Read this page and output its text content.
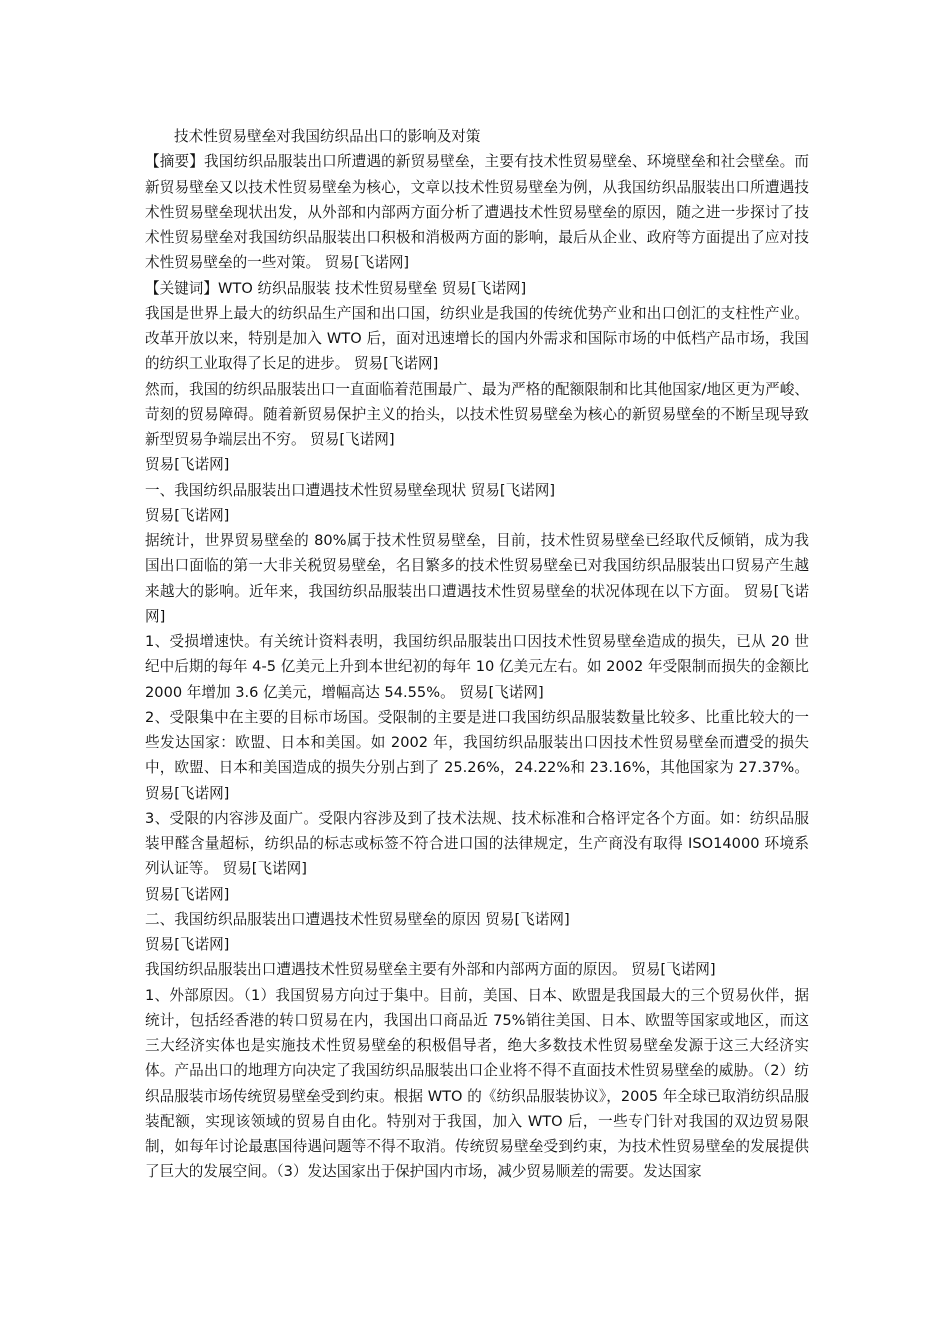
技术性贸易壁垒对我国纺织品出口的影响及对策

【摘要】我国纺织品服装出口所遭遇的新贸易壁垒，主要有技术性贸易壁垒、环境壁垒和社会壁垒。而新贸易壁垒又以技术性贸易壁垒为核心，文章以技术性贸易壁垒为例，从我国纺织品服装出口所遭遇技术性贸易壁垒现状出发，从外部和内部两方面分析了遭遇技术性贸易壁垒的原因，随之进一步探讨了技术性贸易壁垒对我国纺织品服装出口积极和消极两方面的影响，最后从企业、政府等方面提出了应对技术性贸易壁垒的一些对策。 贸易[飞诺网]

【关键词】WTO 纺织品服装 技术性贸易壁垒 贸易[飞诺网]

我国是世界上最大的纺织品生产国和出口国，纺织业是我国的传统优势产业和出口创汇的支柱性产业。改革开放以来，特别是加入 WTO 后，面对迅速增长的国内外需求和国际市场的中低档产品市场，我国的纺织工业取得了长足的进步。 贸易[飞诺网]

然而，我国的纺织品服装出口一直面临着范围最广、最为严格的配额限制和比其他国家/地区更为严峻、苛刻的贸易障碍。随着新贸易保护主义的抬头，以技术性贸易壁垒为核心的新贸易壁垒的不断呈现导致新型贸易争端层出不穷。 贸易[飞诺网]

贸易[飞诺网]

一、我国纺织品服装出口遭遇技术性贸易壁垒现状 贸易[飞诺网]

贸易[飞诺网]

据统计，世界贸易壁垒的 80%属于技术性贸易壁垒，目前，技术性贸易壁垒已经取代反倾销，成为我国出口面临的第一大非关税贸易壁垒，名目繁多的技术性贸易壁垒已对我国纺织品服装出口贸易产生越来越大的影响。近年来，我国纺织品服装出口遭遇技术性贸易壁垒的状况体现在以下方面。 贸易[飞诺网]

1、受损增速快。有关统计资料表明，我国纺织品服装出口因技术性贸易壁垒造成的损失，已从 20 世纪中后期的每年 4-5 亿美元上升到本世纪初的每年 10 亿美元左右。如 2002 年受限制而损失的金额比 2000 年增加 3.6 亿美元，增幅高达 54.55%。 贸易[飞诺网]

2、受限集中在主要的目标市场国。受限制的主要是进口我国纺织品服装数量比较多、比重比较大的一些发达国家：欧盟、日本和美国。如 2002 年，我国纺织品服装出口因技术性贸易壁垒而遭受的损失中，欧盟、日本和美国造成的损失分别占到了 25.26%，24.22%和 23.16%，其他国家为 27.37%。 贸易[飞诺网]

3、受限的内容涉及面广。受限内容涉及到了技术法规、技术标准和合格评定各个方面。如：纺织品服装甲醛含量超标，纺织品的标志或标签不符合进口国的法律规定，生产商没有取得 ISO14000 环境系列认证等。 贸易[飞诺网]

贸易[飞诺网]

二、我国纺织品服装出口遭遇技术性贸易壁垒的原因 贸易[飞诺网]

贸易[飞诺网]

我国纺织品服装出口遭遇技术性贸易壁垒主要有外部和内部两方面的原因。 贸易[飞诺网]

1、外部原因。（1）我国贸易方向过于集中。目前，美国、日本、欧盟是我国最大的三个贸易伙伴，据统计，包括经香港的转口贸易在内，我国出口商品近 75%销往美国、日本、欧盟等国家或地区，而这三大经济实体也是实施技术性贸易壁垒的积极倡导者，绝大多数技术性贸易壁垒发源于这三大经济实体。产品出口的地理方向决定了我国纺织品服装出口企业将不得不直面技术性贸易壁垒的威胁。（2）纺织品服装市场传统贸易壁垒受到约束。根据 WTO 的《纺织品服装协议》，2005 年全球已取消纺织品服装配额，实现该领域的贸易自由化。特别对于我国，加入 WTO 后，一些专门针对我国的双边贸易限制，如每年讨论最惠国待遇问题等不得不取消。传统贸易壁垒受到约束，为技术性贸易壁垒的发展提供了巨大的发展空间。（3）发达国家出于保护国内市场，减少贸易顺差的需要。发达国家
